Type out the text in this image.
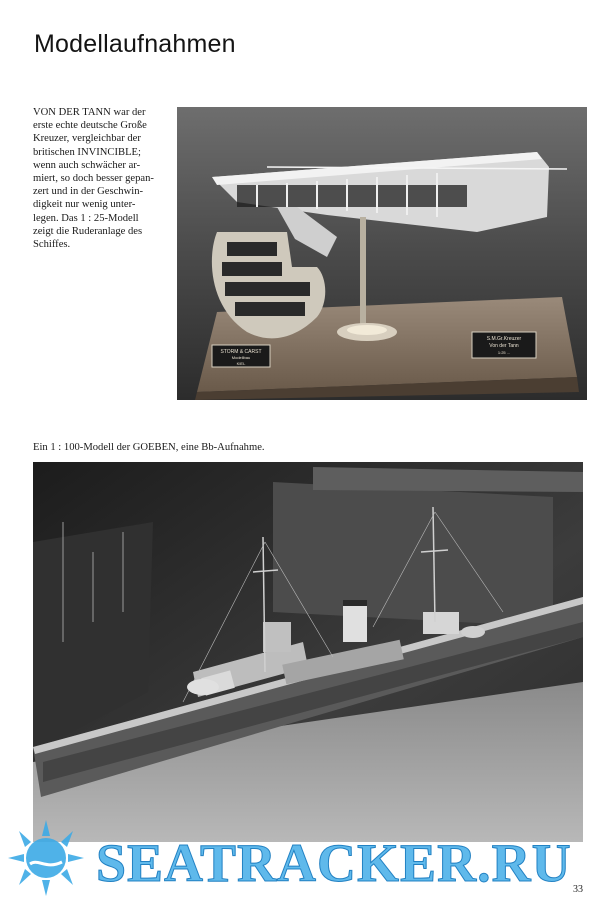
Modellaufnahmen
VON DER TANN war der
erste echte deutsche Große
Kreuzer, vergleichbar der
britischen INVINCIBLE;
wenn auch schwächer ar-
miert, so doch besser gepan-
zert und in der Geschwin-
digkeit nur wenig unter-
legen. Das 1 : 25-Modell
zeigt die Ruderanlage des
Schiffes.
STORM & CARST
Modellbau
KIEL
S.M.Gr.Kreuzer
Von der Tann
1:25 ...
Ein 1 : 100-Modell der GOEBEN, eine Bb-Aufnahme.
SEATRACKER.RU 33
